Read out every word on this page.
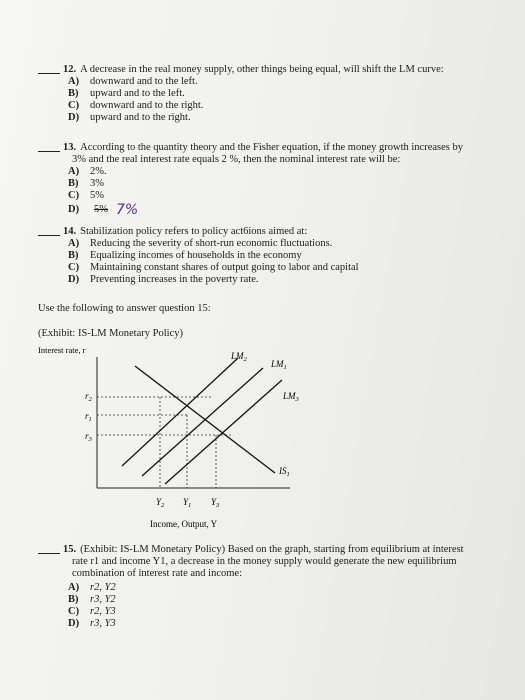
12. A decrease in the real money supply, other things being equal, will shift the LM curve:
A)	downward and to the left.
B)	upward and to the left.
C)	downward and to the right.
D)	upward and to the right.
13. According to the quantity theory and the Fisher equation, if the money growth increases by
3% and the real interest rate equals 2 %, then the nominal interest rate will be:
A)	2%.
B)	3%
C)	5%
D)	5% 7%
14. Stabilization policy refers to policy act6ions aimed at:
A)	Reducing the severity of short-run economic fluctuations.
B)	Equalizing incomes of households in the economy
C)	Maintaining constant shares of output going to labor and capital
D)	Preventing increases in the poverty rate.
Use the following to answer question 15:
(Exhibit: IS-LM Monetary Policy)
Interest rate, r
$LM_2$	$LM_1$
$LM_3$
$IS_1$
$r_2$
$r_1$
$r_3$
$Y_2$ $Y_1$ $Y_3$
Income, Output, Y
15. (Exhibit: IS-LM Monetary Policy) Based on the graph, starting from equilibrium at interest
rate r1 and income Y1, a decrease in the money supply would generate the new equilibrium
combination of interest rate and income:
A)	r2, Y2
B)	r3, Y2
C)	r2, Y3
D)	r3, Y3
